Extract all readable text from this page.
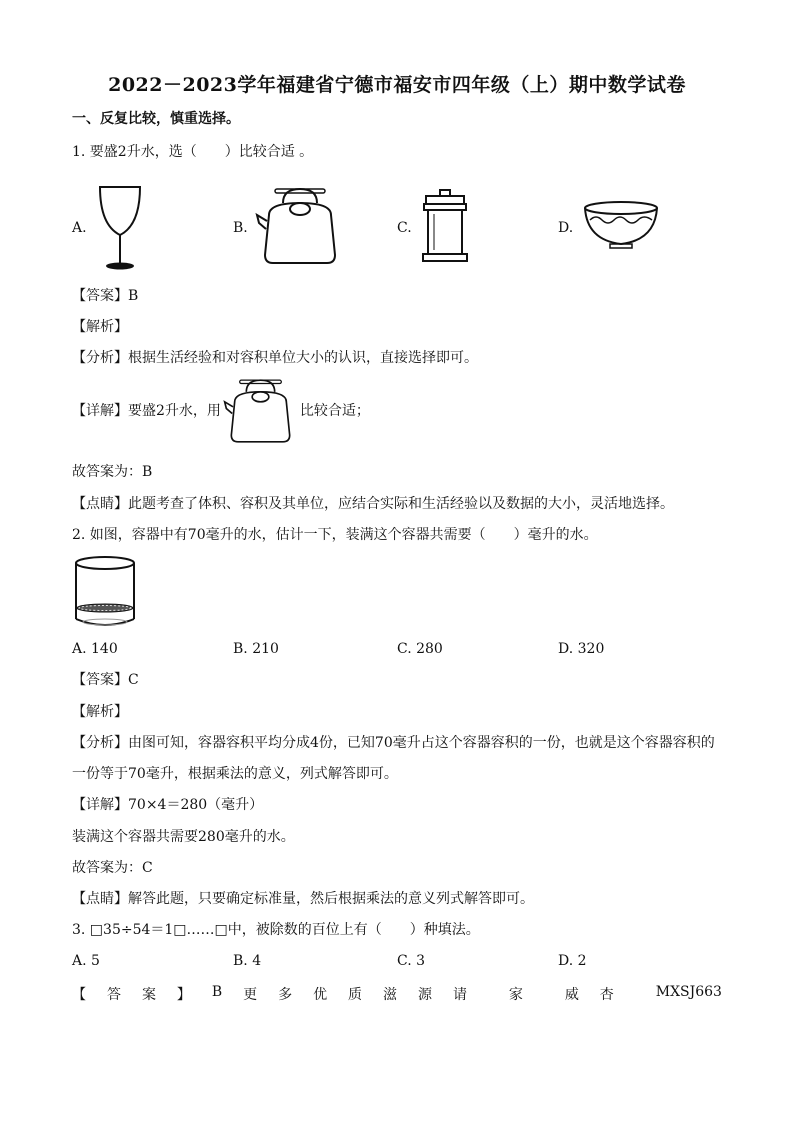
2022－2023学年福建省宁德市福安市四年级（上）期中数学试卷
一、反复比较，慎重选择。
1. 要盛2升水，选（　　）比较合适 。
A.	B.	C.	D.
【答案】B
【解析】
【分析】根据生活经验和对容积单位大小的认识，直接选择即可。
【详解】要盛2升水，用	比较合适；
故答案为：B
【点睛】此题考查了体积、容积及其单位，应结合实际和生活经验以及数据的大小，灵活地选择。
2. 如图，容器中有70毫升的水，估计一下，装满这个容器共需要（　　）毫升的水。
A. 140	B. 210	C. 280	D. 320
【答案】C
【解析】
【分析】由图可知，容器容积平均分成4份，已知70毫升占这个容器容积的一份，也就是这个容器容积的
一份等于70毫升，根据乘法的意义，列式解答即可。
【详解】70×4＝280（毫升）
装满这个容器共需要280毫升的水。
故答案为：C
【点睛】解答此题，只要确定标准量，然后根据乘法的意义列式解答即可。
3. □35÷54＝1□……□中，被除数的百位上有（　　）种填法。
A. 5	B. 4	C. 3	D. 2
【 答 案 】 B 更 多 优 质 滋 源 请	家	威 杏	MXSJ663
